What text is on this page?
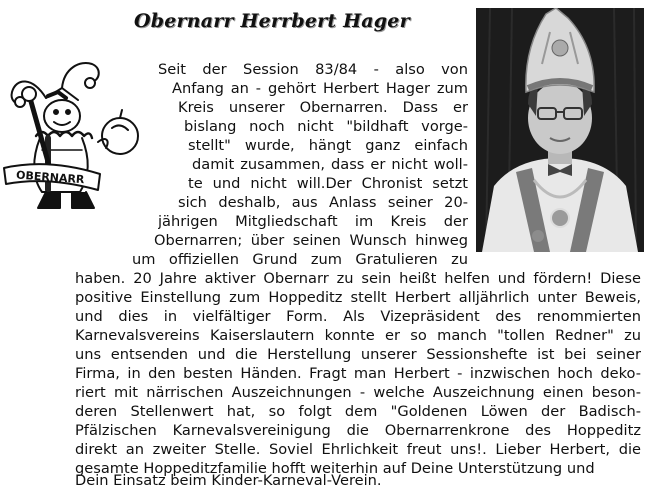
Obernarr Herrbert Hager
OBERNARR
Seit der Session 83/84 - also von
Anfang an - gehört Herbert Hager zum
Kreis unserer Obernarren. Dass er
bislang noch nicht "bildhaft vorge-
stellt" wurde, hängt ganz einfach
damit zusammen, dass er nicht woll-
te und nicht will.Der Chronist setzt
sich deshalb, aus Anlass seiner 20-
jährigen Mitgliedschaft im Kreis der
Obernarren; über seinen Wunsch hinweg
um offiziellen Grund zum Gratulieren zu
haben. 20 Jahre aktiver Obernarr zu sein heißt helfen und fördern! Diese
positive Einstellung zum Hoppeditz stellt Herbert alljährlich unter Beweis,
und dies in vielfältiger Form. Als Vizepräsident des renommierten
Karnevalsvereins Kaiserslautern konnte er so manch "tollen Redner" zu
uns entsenden und die Herstellung unserer Sessionshefte ist bei seiner
Firma, in den besten Händen. Fragt man Herbert - inzwischen hoch deko-
riert mit närrischen Auszeichnungen - welche Auszeichnung einen beson-
deren Stellenwert hat, so folgt dem "Goldenen Löwen der Badisch-
Pfälzischen Karnevalsvereinigung die Obernarrenkrone des Hoppeditz
direkt an zweiter Stelle. Soviel Ehrlichkeit freut uns!. Lieber Herbert, die
gesamte Hoppeditzfamilie hofft weiterhin auf Deine Unterstützung und
Dein Einsatz beim Kinder-Karneval-Verein.
